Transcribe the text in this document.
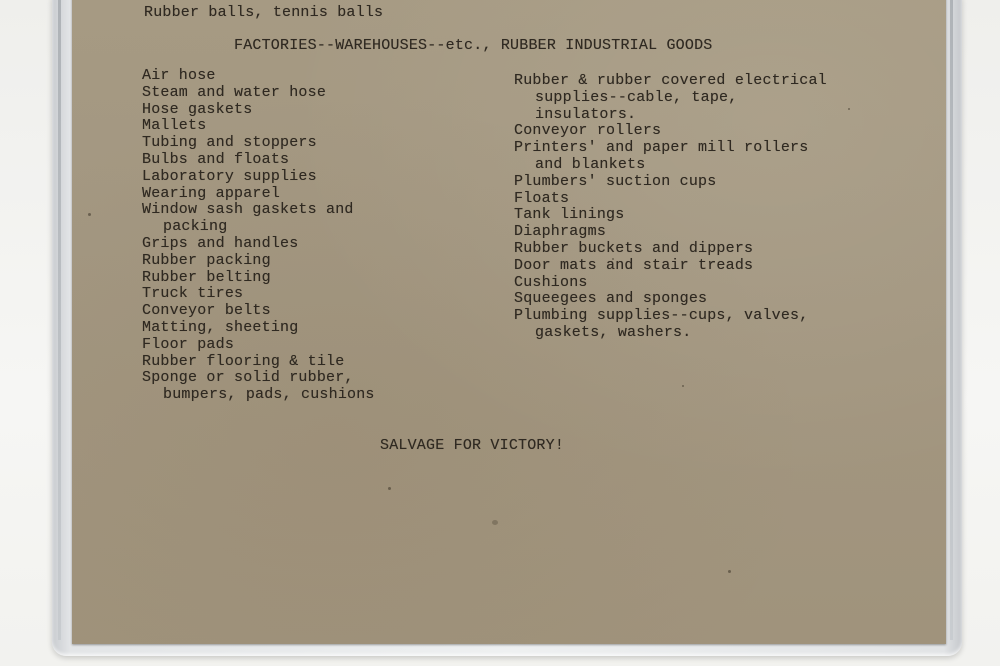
Rubber balls, tennis balls
FACTORIES--WAREHOUSES--etc., RUBBER INDUSTRIAL GOODS
Air hose
Steam and water hose
Hose gaskets
Mallets
Tubing and stoppers
Bulbs and floats
Laboratory supplies
Wearing apparel
Window sash gaskets and
packing
Grips and handles
Rubber packing
Rubber belting
Truck tires
Conveyor belts
Matting, sheeting
Floor pads
Rubber flooring & tile
Sponge or solid rubber,
bumpers, pads, cushions
Rubber & rubber covered electrical
supplies--cable, tape,
insulators.
Conveyor rollers
Printers' and paper mill rollers
and blankets
Plumbers' suction cups
Floats
Tank linings
Diaphragms
Rubber buckets and dippers
Door mats and stair treads
Cushions
Squeegees and sponges
Plumbing supplies--cups, valves,
gaskets, washers.
SALVAGE FOR VICTORY!
